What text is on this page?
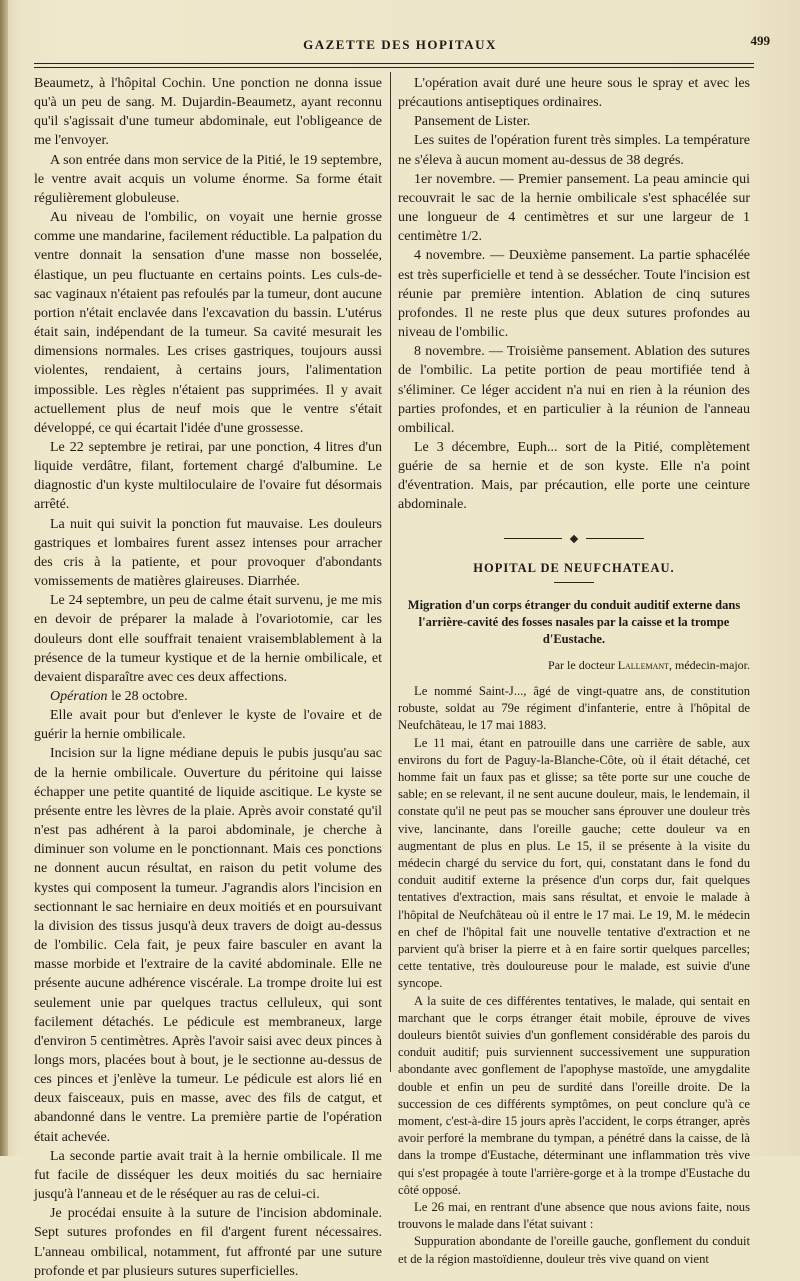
GAZETTE DES HOPITAUX	499

Beaumetz, à l'hôpital Cochin. Une ponction ne donna issue qu'à un peu de sang. M. Dujardin-Beaumetz, ayant reconnu qu'il s'agissait d'une tumeur abdominale, eut l'obligeance de me l'envoyer.

A son entrée dans mon service de la Pitié, le 19 septembre, le ventre avait acquis un volume énorme. Sa forme était régulièrement globuleuse.

Au niveau de l'ombilic, on voyait une hernie grosse comme une mandarine, facilement réductible. La palpation du ventre donnait la sensation d'une masse non bosselée, élastique, un peu fluctuante en certains points. Les culs-de-sac vaginaux n'étaient pas refoulés par la tumeur, dont aucune portion n'était enclavée dans l'excavation du bassin. L'utérus était sain, indépendant de la tumeur. Sa cavité mesurait les dimensions normales. Les crises gastriques, toujours aussi violentes, rendaient, à certains jours, l'alimentation impossible. Les règles n'étaient pas supprimées. Il y avait actuellement plus de neuf mois que le ventre s'était développé, ce qui écartait l'idée d'une grossesse.

Le 22 septembre je retirai, par une ponction, 4 litres d'un liquide verdâtre, filant, fortement chargé d'albumine. Le diagnostic d'un kyste multiloculaire de l'ovaire fut désormais arrêté.

La nuit qui suivit la ponction fut mauvaise. Les douleurs gastriques et lombaires furent assez intenses pour arracher des cris à la patiente, et pour provoquer d'abondants vomissements de matières glaireuses. Diarrhée.

Le 24 septembre, un peu de calme était survenu, je me mis en devoir de préparer la malade à l'ovariotomie, car les douleurs dont elle souffrait tenaient vraisemblablement à la présence de la tumeur kystique et de la hernie ombilicale, et devaient disparaître avec ces deux affections.

Opération le 28 octobre.

Elle avait pour but d'enlever le kyste de l'ovaire et de guérir la hernie ombilicale.

Incision sur la ligne médiane depuis le pubis jusqu'au sac de la hernie ombilicale. Ouverture du péritoine qui laisse échapper une petite quantité de liquide ascitique. Le kyste se présente entre les lèvres de la plaie. Après avoir constaté qu'il n'est pas adhérent à la paroi abdominale, je cherche à diminuer son volume en le ponctionnant. Mais ces ponctions ne donnent aucun résultat, en raison du petit volume des kystes qui composent la tumeur. J'agrandis alors l'incision en sectionnant le sac herniaire en deux moitiés et en poursuivant la division des tissus jusqu'à deux travers de doigt au-dessus de l'ombilic. Cela fait, je peux faire basculer en avant la masse morbide et l'extraire de la cavité abdominale. Elle ne présente aucune adhérence viscérale. La trompe droite lui est seulement unie par quelques tractus celluleux, qui sont facilement détachés. Le pédicule est membraneux, large d'environ 5 centimètres. Après l'avoir saisi avec deux pinces à longs mors, placées bout à bout, je le sectionne au-dessus de ces pinces et j'enlève la tumeur. Le pédicule est alors lié en deux faisceaux, puis en masse, avec des fils de catgut, et abandonné dans le ventre. La première partie de l'opération était achevée.

La seconde partie avait trait à la hernie ombilicale. Il me fut facile de disséquer les deux moitiés du sac herniaire jusqu'à l'anneau et de le réséquer au ras de celui-ci.

Je procédai ensuite à la suture de l'incision abdominale. Sept sutures profondes en fil d'argent furent nécessaires. L'anneau ombilical, notamment, fut affronté par une suture profonde et par plusieurs sutures superficielles.

L'opération avait duré une heure sous le spray et avec les précautions antiseptiques ordinaires.

Pansement de Lister.

Les suites de l'opération furent très simples. La température ne s'éleva à aucun moment au-dessus de 38 degrés.

1er novembre. — Premier pansement. La peau amincie qui recouvrait le sac de la hernie ombilicale s'est sphacélée sur une longueur de 4 centimètres et sur une largeur de 1 centimètre 1/2.

4 novembre. — Deuxième pansement. La partie sphacélée est très superficielle et tend à se dessécher. Toute l'incision est réunie par première intention. Ablation de cinq sutures profondes. Il ne reste plus que deux sutures profondes au niveau de l'ombilic.

8 novembre. — Troisième pansement. Ablation des sutures de l'ombilic. La petite portion de peau mortifiée tend à s'éliminer. Ce léger accident n'a nui en rien à la réunion des parties profondes, et en particulier à la réunion de l'anneau ombilical.

Le 3 décembre, Euph... sort de la Pitié, complètement guérie de sa hernie et de son kyste. Elle n'a point d'éventration. Mais, par précaution, elle porte une ceinture abdominale.

HOPITAL DE NEUFCHATEAU.
Migration d'un corps étranger du conduit auditif externe dans l'arrière-cavité des fosses nasales par la caisse et la trompe d'Eustache.
Par le docteur Lallemant, médecin-major.

Le nommé Saint-J..., âgé de vingt-quatre ans, de constitution robuste, soldat au 79e régiment d'infanterie, entre à l'hôpital de Neufchâteau, le 17 mai 1883.

Le 11 mai, étant en patrouille dans une carrière de sable, aux environs du fort de Paguy-la-Blanche-Côte, où il était détaché, cet homme fait un faux pas et glisse; sa tête porte sur une couche de sable; en se relevant, il ne sent aucune douleur, mais, le lendemain, il constate qu'il ne peut pas se moucher sans éprouver une douleur très vive, lancinante, dans l'oreille gauche; cette douleur va en augmentant de plus en plus. Le 15, il se présente à la visite du médecin chargé du service du fort, qui, constatant dans le fond du conduit auditif externe la présence d'un corps dur, fait quelques tentatives d'extraction, mais sans résultat, et envoie le malade à l'hôpital de Neufchâteau où il entre le 17 mai. Le 19, M. le médecin en chef de l'hôpital fait une nouvelle tentative d'extraction et ne parvient qu'à briser la pierre et à en faire sortir quelques parcelles; cette tentative, très douloureuse pour le malade, est suivie d'une syncope.

A la suite de ces différentes tentatives, le malade, qui sentait en marchant que le corps étranger était mobile, éprouve de vives douleurs bientôt suivies d'un gonflement considérable des parois du conduit auditif; puis surviennent successivement une suppuration abondante avec gonflement de l'apophyse mastoïde, une amygdalite double et enfin un peu de surdité dans l'oreille droite. De la succession de ces différents symptômes, on peut conclure qu'à ce moment, c'est-à-dire 15 jours après l'accident, le corps étranger, après avoir perforé la membrane du tympan, a pénétré dans la caisse, de là dans la trompe d'Eustache, déterminant une inflammation très vive qui s'est propagée à toute l'arrière-gorge et à la trompe d'Eustache du côté opposé.

Le 26 mai, en rentrant d'une absence que nous avions faite, nous trouvons le malade dans l'état suivant :

Suppuration abondante de l'oreille gauche, gonflement du conduit et de la région mastoïdienne, douleur très vive quand on vient
